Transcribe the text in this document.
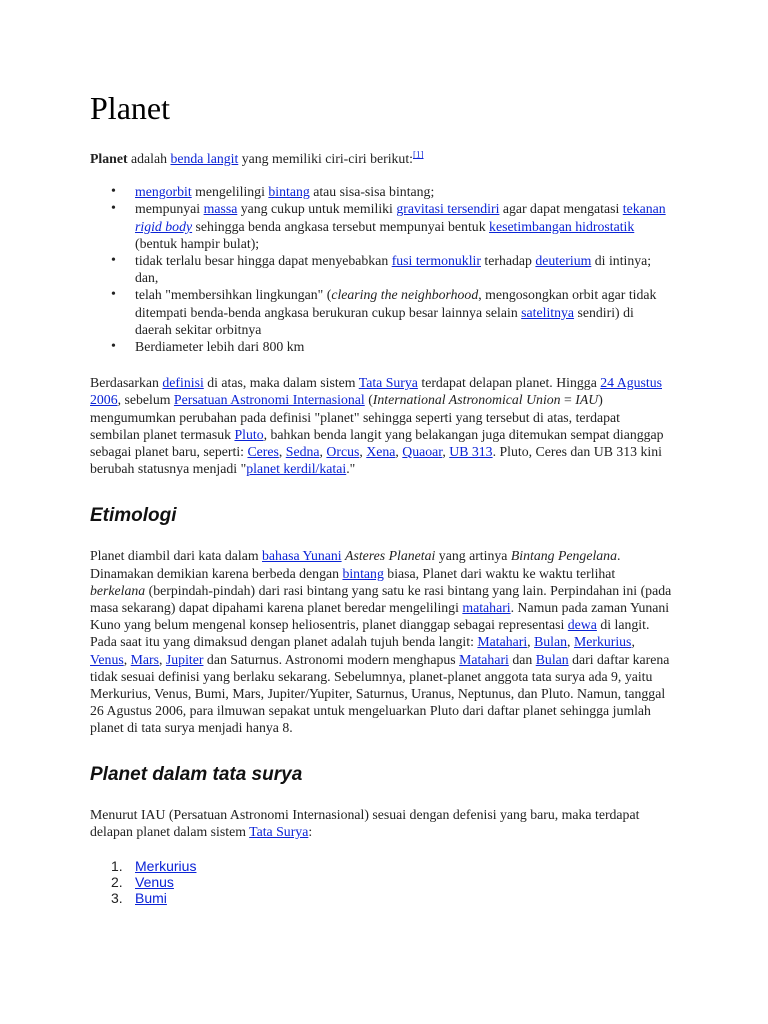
Planet

Planet adalah benda langit yang memiliki ciri-ciri berikut:[1]

• mengorbit mengelilingi bintang atau sisa-sisa bintang;
• mempunyai massa yang cukup untuk memiliki gravitasi tersendiri agar dapat mengatasi tekanan rigid body sehingga benda angkasa tersebut mempunyai bentuk kesetimbangan hidrostatik (bentuk hampir bulat);
• tidak terlalu besar hingga dapat menyebabkan fusi termonuklir terhadap deuterium di intinya; dan,
• telah "membersihkan lingkungan" (clearing the neighborhood, mengosongkan orbit agar tidak ditempati benda-benda angkasa berukuran cukup besar lainnya selain satelitnya sendiri) di daerah sekitar orbitnya
• Berdiameter lebih dari 800 km

Berdasarkan definisi di atas, maka dalam sistem Tata Surya terdapat delapan planet. Hingga 24 Agustus 2006, sebelum Persatuan Astronomi Internasional (International Astronomical Union = IAU) mengumumkan perubahan pada definisi "planet" sehingga seperti yang tersebut di atas, terdapat sembilan planet termasuk Pluto, bahkan benda langit yang belakangan juga ditemukan sempat dianggap sebagai planet baru, seperti: Ceres, Sedna, Orcus, Xena, Quaoar, UB 313. Pluto, Ceres dan UB 313 kini berubah statusnya menjadi "planet kerdil/katai."

Etimologi

Planet diambil dari kata dalam bahasa Yunani Asteres Planetai yang artinya Bintang Pengelana. Dinamakan demikian karena berbeda dengan bintang biasa, Planet dari waktu ke waktu terlihat berkelana (berpindah-pindah) dari rasi bintang yang satu ke rasi bintang yang lain. Perpindahan ini (pada masa sekarang) dapat dipahami karena planet beredar mengelilingi matahari. Namun pada zaman Yunani Kuno yang belum mengenal konsep heliosentris, planet dianggap sebagai representasi dewa di langit. Pada saat itu yang dimaksud dengan planet adalah tujuh benda langit: Matahari, Bulan, Merkurius, Venus, Mars, Jupiter dan Saturnus. Astronomi modern menghapus Matahari dan Bulan dari daftar karena tidak sesuai definisi yang berlaku sekarang. Sebelumnya, planet-planet anggota tata surya ada 9, yaitu Merkurius, Venus, Bumi, Mars, Jupiter/Yupiter, Saturnus, Uranus, Neptunus, dan Pluto. Namun, tanggal 26 Agustus 2006, para ilmuwan sepakat untuk mengeluarkan Pluto dari daftar planet sehingga jumlah planet di tata surya menjadi hanya 8.

Planet dalam tata surya

Menurut IAU (Persatuan Astronomi Internasional) sesuai dengan defenisi yang baru, maka terdapat delapan planet dalam sistem Tata Surya:

1. Merkurius
2. Venus
3. Bumi
